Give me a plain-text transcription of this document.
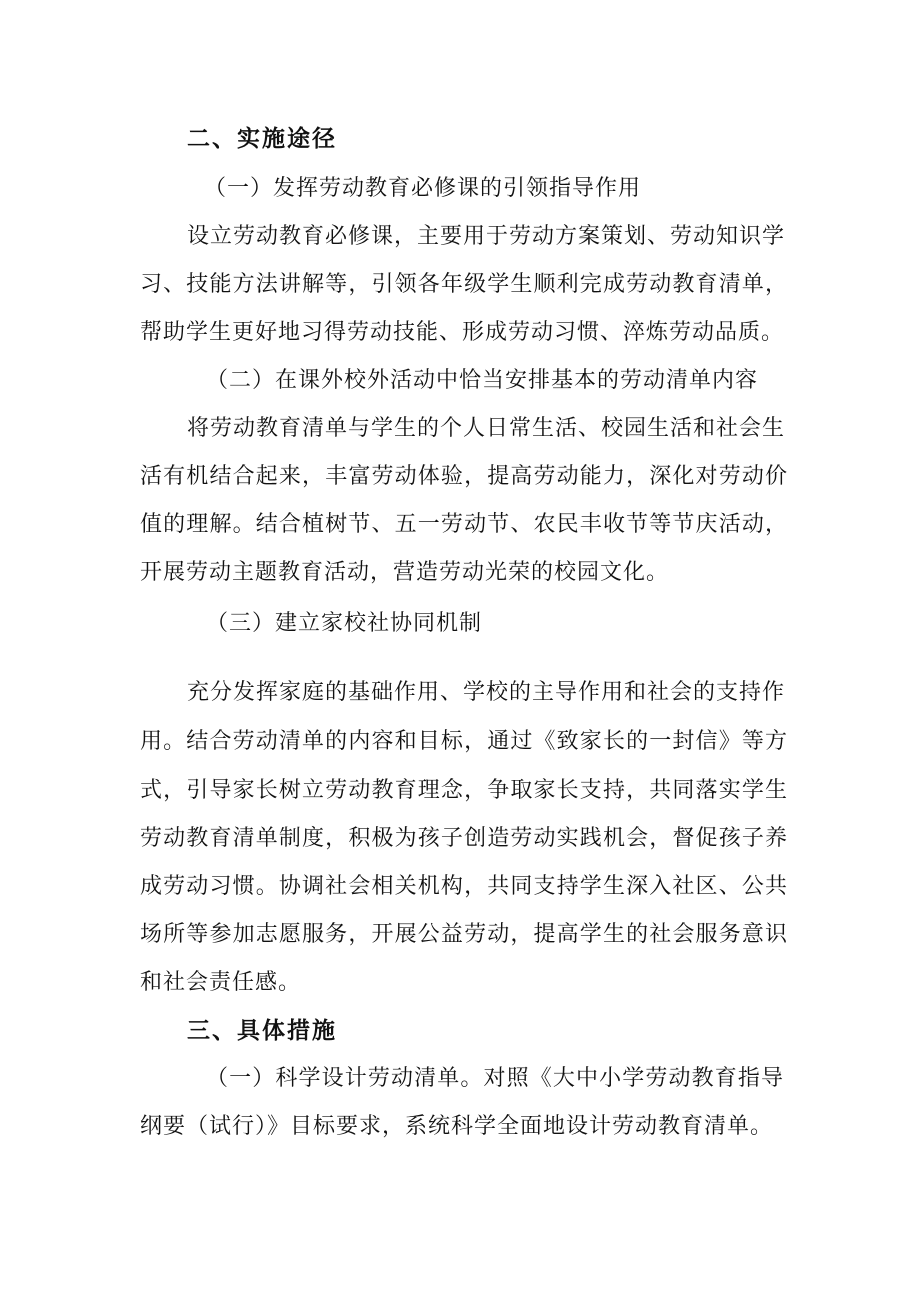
二、实施途径
（一）发挥劳动教育必修课的引领指导作用
设立劳动教育必修课，主要用于劳动方案策划、劳动知识学
习、技能方法讲解等，引领各年级学生顺利完成劳动教育清单，
帮助学生更好地习得劳动技能、形成劳动习惯、淬炼劳动品质。
（二）在课外校外活动中恰当安排基本的劳动清单内容
将劳动教育清单与学生的个人日常生活、校园生活和社会生
活有机结合起来，丰富劳动体验，提高劳动能力，深化对劳动价
值的理解。结合植树节、五一劳动节、农民丰收节等节庆活动，
开展劳动主题教育活动，营造劳动光荣的校园文化。
（三）建立家校社协同机制
充分发挥家庭的基础作用、学校的主导作用和社会的支持作
用。结合劳动清单的内容和目标，通过《致家长的一封信》等方
式，引导家长树立劳动教育理念，争取家长支持，共同落实学生
劳动教育清单制度，积极为孩子创造劳动实践机会，督促孩子养
成劳动习惯。协调社会相关机构，共同支持学生深入社区、公共
场所等参加志愿服务，开展公益劳动，提高学生的社会服务意识
和社会责任感。
三、具体措施
（一）科学设计劳动清单。对照《大中小学劳动教育指导
纲要（试行）》目标要求，系统科学全面地设计劳动教育清单。
